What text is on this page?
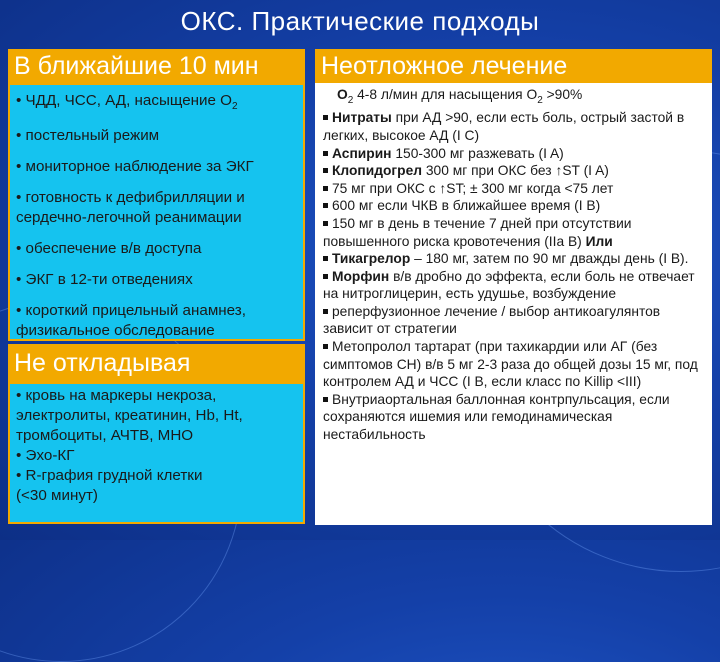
ОКС. Практические подходы
В ближайшие 10 мин	Неотложное лечение

• ЧДД, ЧСС, АД, насыщение $О_2$

• постельный режим

• мониторное наблюдение за ЭКГ

• готовность к дефибрилляции и сердечно-легочной реанимации

• обеспечение в/в доступа

• ЭКГ в 12-ти отведениях

• короткий прицельный анамнез, физикальное обследование

Не откладывая

• кровь на маркеры некроза, электролиты, креатинин, Hb, Ht, тромбоциты, АЧТВ, МНО

• Эхо-КГ

• R-графия грудной клетки

(<30 минут)

$О_2$ 4-8 л/мин для насыщения $О_2 >90\%$

Нитраты при АД >90, если есть боль, острый застой в легких, высокое АД (I C)

Аспирин 150-300 мг разжевать (I A)

Клопидогрел 300 мг при ОКС без ↑ST (I A)

75 мг при ОКС с ↑ST; ± 300 мг когда <75 лет

600 мг если ЧКВ в ближайшее время (I B)

150 мг в день в течение 7 дней при отсутствии повышенного риска кровотечения (IIa B) Или

Тикагрелор – 180 мг, затем по 90 мг дважды день (I B).

Морфин в/в дробно до эффекта, если боль не отвечает на нитроглицерин, есть удушье, возбуждение

реперфузионное лечение / выбор антикоагулянтов зависит от стратегии

Метопролол тартарат (при тахикардии или АГ (без симптомов СН) в/в 5 мг 2-3 раза до общей дозы 15 мг, под контролем АД и ЧСС (I B, если класс по Killip <III)

Внутриаортальная баллонная контрпульсация, если сохраняются ишемия или гемодинамическая нестабильность
